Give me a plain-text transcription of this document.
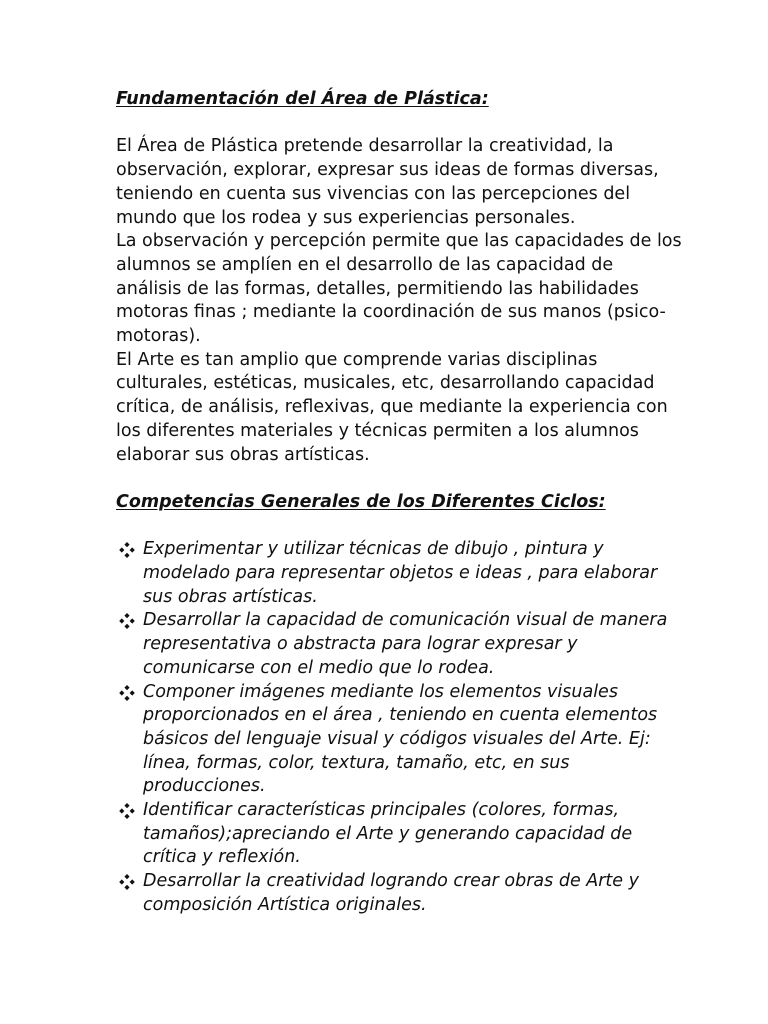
Fundamentación del Área de Plástica:

El Área de Plástica pretende desarrollar la creatividad, la
observación, explorar, expresar sus ideas de formas diversas,
teniendo en cuenta sus vivencias con las percepciones del
mundo que los rodea y sus experiencias personales.
La observación y percepción permite que las capacidades de los
alumnos se amplíen en el desarrollo de las capacidad de
análisis de las formas, detalles, permitiendo las habilidades
motoras finas ; mediante la coordinación de sus manos (psico-
motoras).
El Arte es tan amplio que comprende varias disciplinas
culturales, estéticas, musicales, etc, desarrollando capacidad
crítica, de análisis, reflexivas, que mediante la experiencia con
los diferentes materiales y técnicas permiten a los alumnos
elaborar sus obras artísticas.

Competencias Generales de los Diferentes Ciclos:
Experimentar y utilizar técnicas de dibujo , pintura y
modelado para representar objetos e ideas , para elaborar
sus obras artísticas.
Desarrollar la capacidad de comunicación visual de manera
representativa o abstracta para lograr expresar y
comunicarse con el medio que lo rodea.
Componer imágenes mediante los elementos visuales
proporcionados en el área , teniendo en cuenta elementos
básicos del lenguaje visual y códigos visuales del Arte. Ej:
línea, formas, color, textura, tamaño, etc, en sus
producciones.
Identificar características principales (colores, formas,
tamaños);apreciando el Arte y generando capacidad de
crítica y reflexión.
Desarrollar la creatividad logrando crear obras de Arte y
composición Artística originales.
